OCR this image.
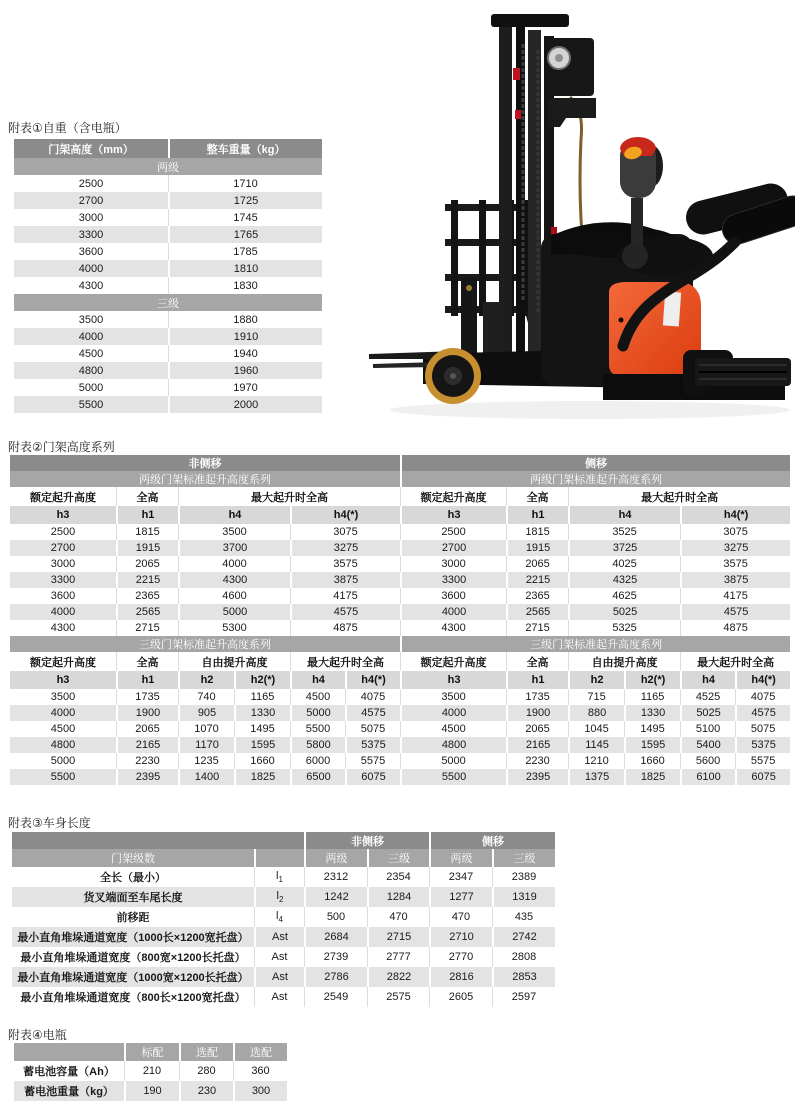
附表①自重（含电瓶）
附表②门架高度系列
附表③车身长度
附表④电瓶
门架高度（mm）	整车重量（kg）
两级	
2500	1710
2700	1725
3000	1745
3300	1765
3600	1785
4000	1810
4300	1830
三级	
3500	1880
4000	1910
4500	1940
4800	1960
5000	1970
5500	2000
非侧移						侧移					
两级门架标准起升高度系列						两级门架标准起升高度系列					
额定起升高度	全高	最大起升时全高				额定起升高度	全高	最大起升时全高			
h3	h1	h4		h4(*)		h3	h1	h4		h4(*)	
2500	1815	3500		3075		2500	1815	3525		3075	
2700	1915	3700		3275		2700	1915	3725		3275	
3000	2065	4000		3575		3000	2065	4025		3575	
3300	2215	4300		3875		3300	2215	4325		3875	
3600	2365	4600		4175		3600	2365	4625		4175	
4000	2565	5000		4575		4000	2565	5025		4575	
4300	2715	5300		4875		4300	2715	5325		4875	
三级门架标准起升高度系列						三级门架标准起升高度系列					
额定起升高度	全高	自由提升高度		最大起升时全高		额定起升高度	全高	自由提升高度		最大起升时全高	
h3	h1	h2	h2(*)	h4	h4(*)	h3	h1	h2	h2(*)	h4	h4(*)
3500	1735	740	1165	4500	4075	3500	1735	715	1165	4525	4075
4000	1900	905	1330	5000	4575	4000	1900	880	1330	5025	4575
4500	2065	1070	1495	5500	5075	4500	2065	1045	1495	5100	5075
4800	2165	1170	1595	5800	5375	4800	2165	1145	1595	5400	5375
5000	2230	1235	1660	6000	5575	5000	2230	1210	1660	5600	5575
5500	2395	1400	1825	6500	6075	5500	2395	1375	1825	6100	6075
		非侧移		侧移	
门架级数		两级	三级	两级	三级
全长（最小）	$l_1$	2312	2354	2347	2389
货叉端面至车尾长度	$l_2$	1242	1284	1277	1319
前移距	$l_4$	500	470	470	435
最小直角堆垛通道宽度（1000长×1200宽托盘）	Ast	2684	2715	2710	2742
最小直角堆垛通道宽度（800宽×1200长托盘）	Ast	2739	2777	2770	2808
最小直角堆垛通道宽度（1000宽×1200长托盘）	Ast	2786	2822	2816	2853
最小直角堆垛通道宽度（800长×1200宽托盘）	Ast	2549	2575	2605	2597
	标配	选配	选配
蓄电池容量（Ah）	210	280	360
蓄电池重量（kg）	190	230	300
